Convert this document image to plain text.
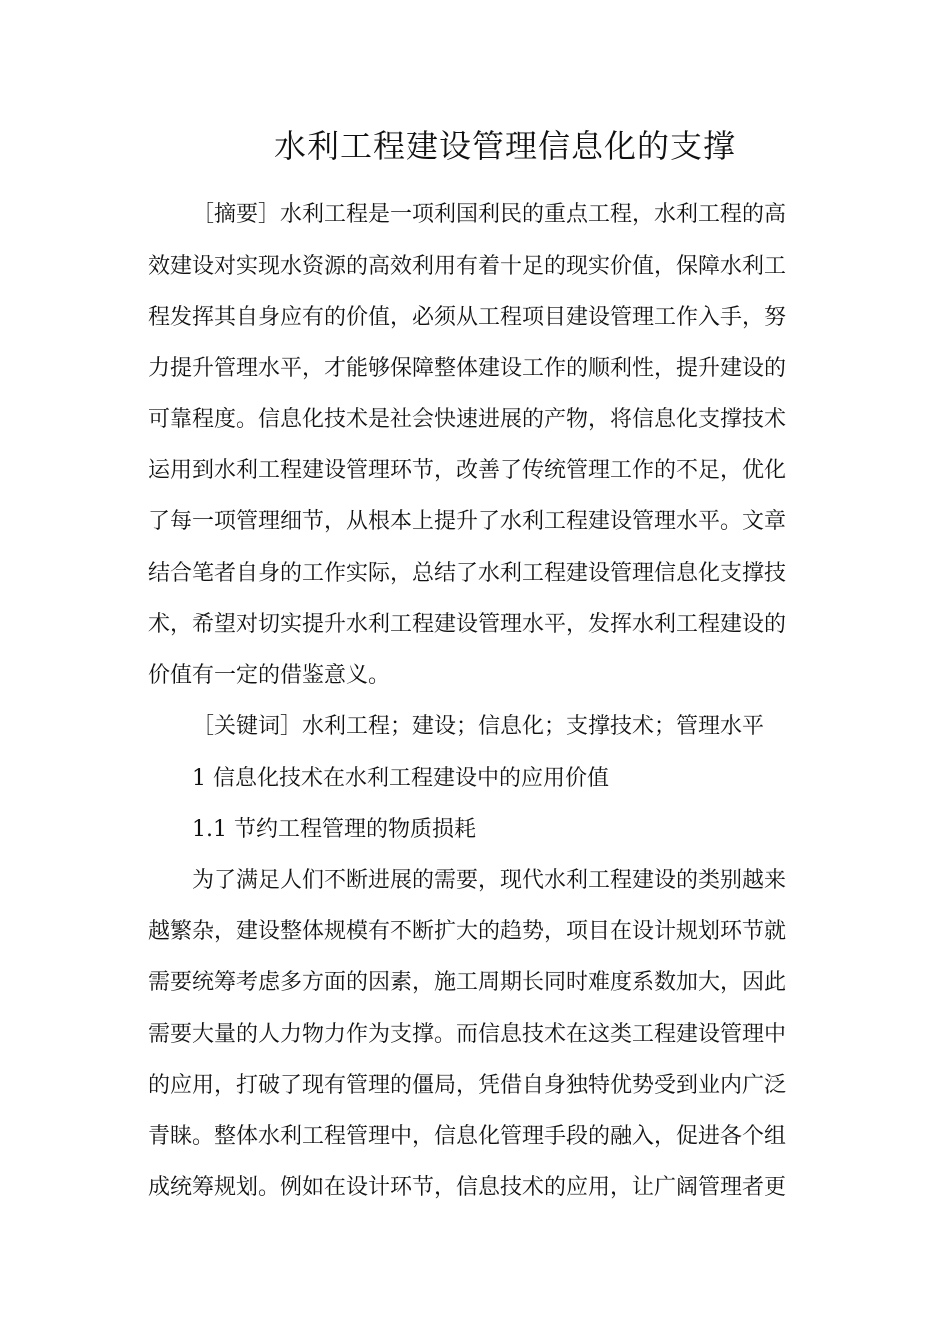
水利工程建设管理信息化的支撑
［摘要］水利工程是一项利国利民的重点工程，水利工程的高
效建设对实现水资源的高效利用有着十足的现实价值，保障水利工
程发挥其自身应有的价值，必须从工程项目建设管理工作入手，努
力提升管理水平，才能够保障整体建设工作的顺利性，提升建设的
可靠程度。信息化技术是社会快速进展的产物，将信息化支撑技术
运用到水利工程建设管理环节，改善了传统管理工作的不足，优化
了每一项管理细节，从根本上提升了水利工程建设管理水平。文章
结合笔者自身的工作实际，总结了水利工程建设管理信息化支撑技
术，希望对切实提升水利工程建设管理水平，发挥水利工程建设的
价值有一定的借鉴意义。
［关键词］水利工程；建设；信息化；支撑技术；管理水平
1 信息化技术在水利工程建设中的应用价值
1.1 节约工程管理的物质损耗
为了满足人们不断进展的需要，现代水利工程建设的类别越来
越繁杂，建设整体规模有不断扩大的趋势，项目在设计规划环节就
需要统筹考虑多方面的因素，施工周期长同时难度系数加大，因此
需要大量的人力物力作为支撑。而信息技术在这类工程建设管理中
的应用，打破了现有管理的僵局，凭借自身独特优势受到业内广泛
青睐。整体水利工程管理中，信息化管理手段的融入，促进各个组
成统筹规划。例如在设计环节，信息技术的应用，让广阔管理者更
